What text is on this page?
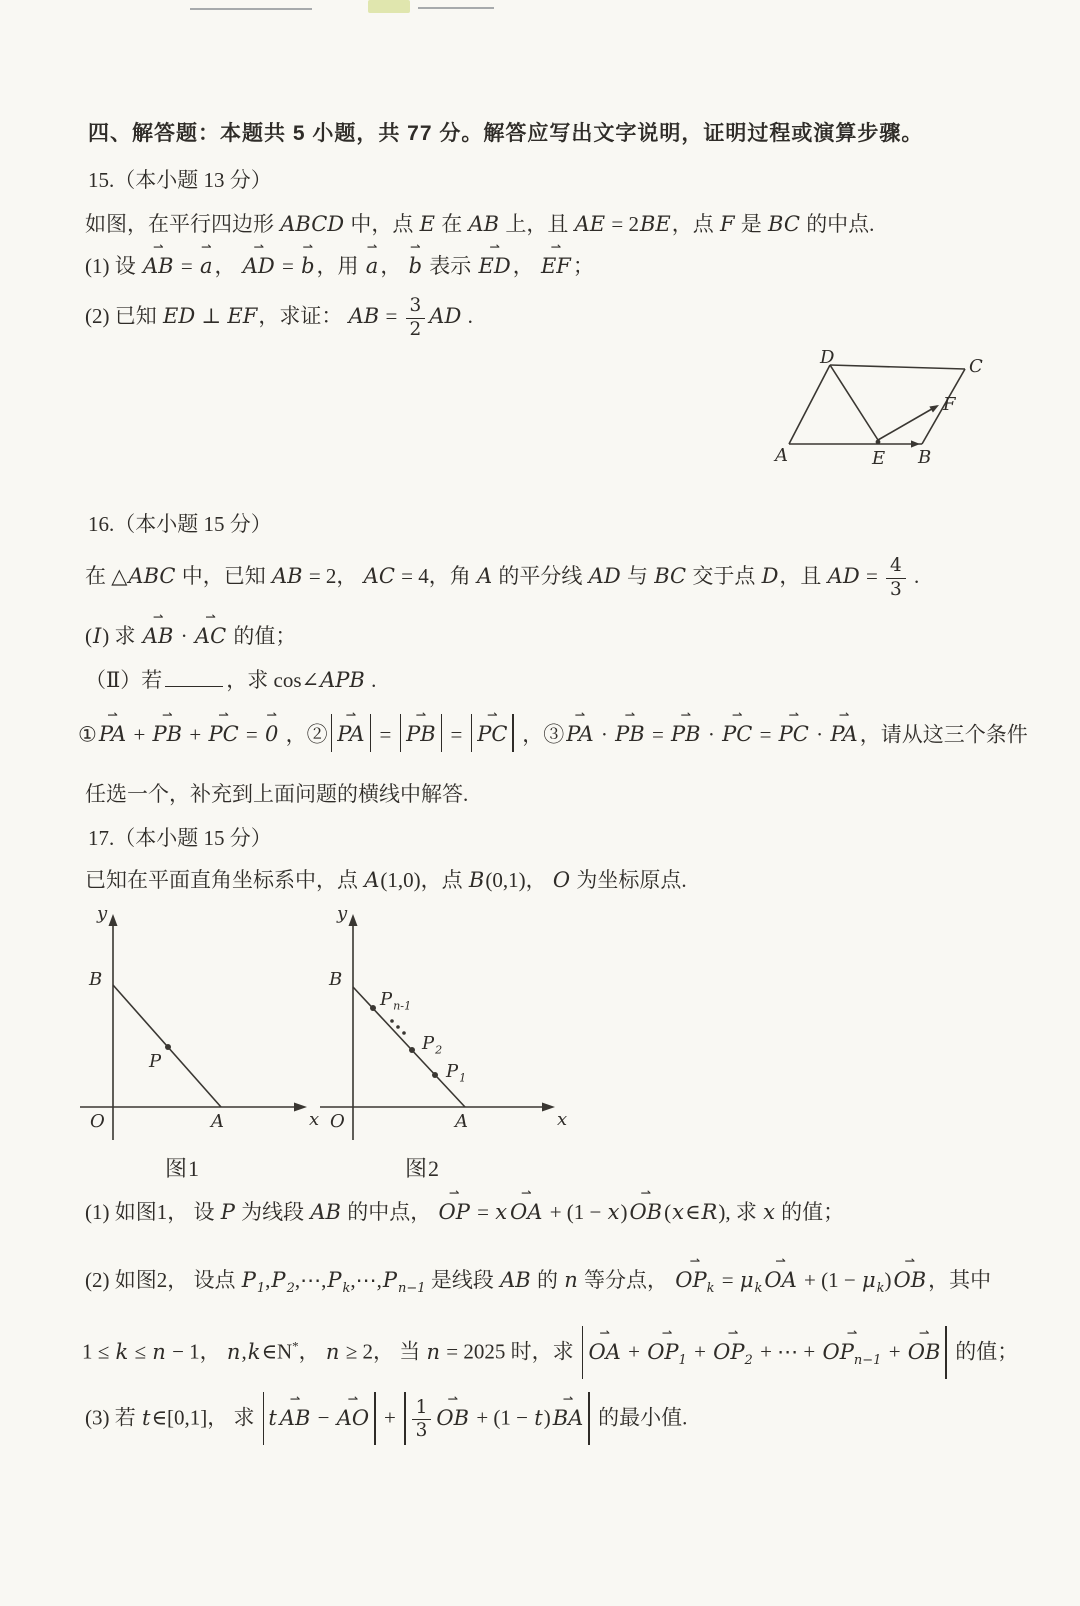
四、解答题：本题共 5 小题，共 77 分。解答应写出文字说明，证明过程或演算步骤。
15.（本小题 13 分）
如图，在平行四边形 ABCD 中，点 E 在 AB 上，且 AE = 2BE，点 F 是 BC 的中点.
(1) 设
⇀
AB =
⇀
a，
⇀
AD =
⇀
b，用
⇀
a，
⇀
b 表示
⇀
ED，
⇀
EF；
(2) 已知 ED ⊥ EF，求证： AB = $\frac{3}{2}$ AD .
A	B
C
D
E
F
16.（本小题 15 分）
在 △ABC 中，已知 AB = 2， AC = 4，角 A 的平分线 AD 与 BC 交于点 D，且 AD = $\frac{4}{3}$ .
(I) 求
⇀
AB ·
⇀
AC 的值；
（Ⅱ）若	，求 cos∠APB .
①
⇀
PA +
⇀
PB +
⇀
PC =
⇀
0 ，②
⇀
PA =
⇀
PB =
⇀
PC ，③
⇀
PA ·
⇀
PB =
⇀
PB ·
⇀
PC =
⇀
PC ·
⇀
PA，请从这三个条件
任选一个，补充到上面问题的横线中解答.
17.（本小题 15 分）
已知在平面直角坐标系中，点 A(1,0)，点 B(0,1)， O 为坐标原点.
y
B
P
O	A	x
图1
y
B
$P_{n-1}$
$P_2$
$P_1$
O	A	x
图2
(1) 如图1， 设 P 为线段 AB 的中点，
⇀
OP = x
⇀
OA + (1 − x)
⇀
OB(x∈R), 求 x 的值；
(2) 如图2， 设点 $P_1,P_2,\cdots,P_k,\cdots,P_{n-1}$ 是线段 AB 的 n 等分点，
⇀
$OP_k = \mu_k$
⇀
OA + $(1 - \mu_k)$
⇀
OB，其中
1 ≤ k ≤ n − 1， n,k∈N*， n ≥ 2， 当 n = 2025 时，求
⇀
OA +
⇀
$OP_1$ +
⇀
$OP_2$ + ⋯ +
⇀
$OP_{n-1}$ +
⇀
OB 的值；
(3) 若 t∈[0,1]， 求 t
⇀
AB −
⇀
AO + $\frac{1}{3}$ ⇀
OB + (1 − t)
⇀
BA 的最小值.
